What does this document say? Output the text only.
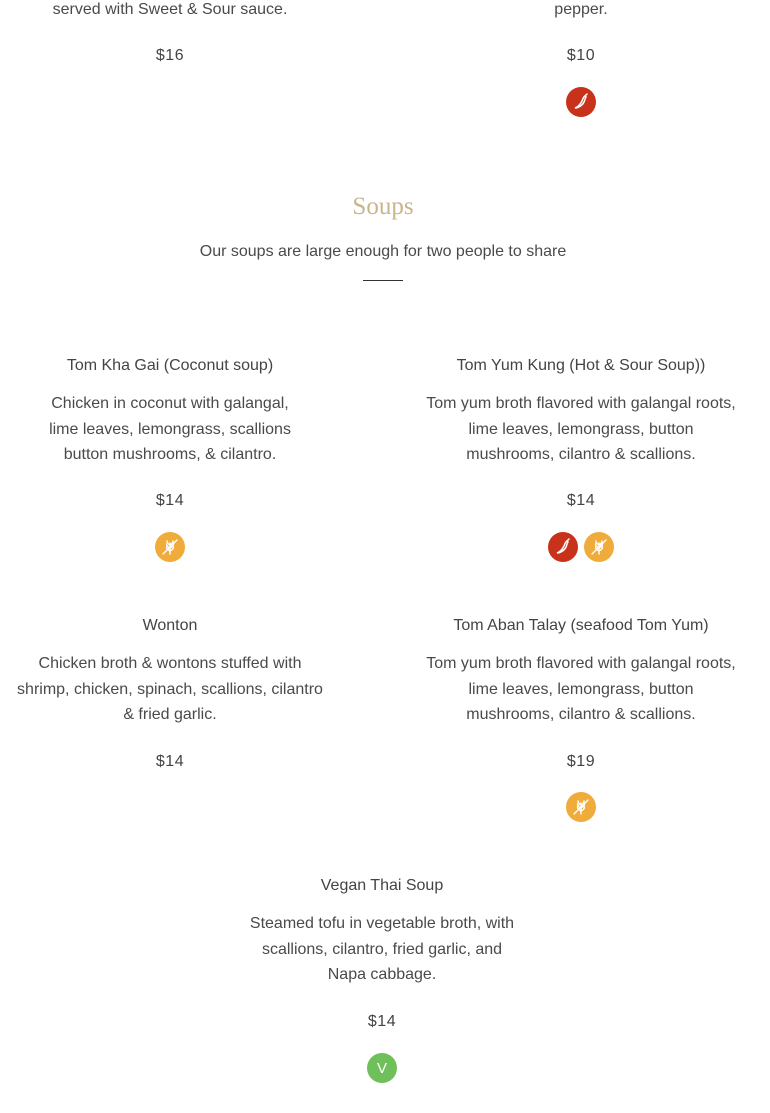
served with Sweet & Sour sauce.
$16
pepper.
$10
Soups
Our soups are large enough for two people to share
Tom Kha Gai (Coconut soup)
Chicken in coconut with galangal, lime leaves, lemongrass, scallions button mushrooms, & cilantro.
$14
Tom Yum Kung (Hot & Sour Soup))
Tom yum broth flavored with galangal roots, lime leaves, lemongrass, button mushrooms, cilantro & scallions.
$14
Wonton
Chicken broth & wontons stuffed with shrimp, chicken, spinach, scallions, cilantro & fried garlic.
$14
Tom Aban Talay (seafood Tom Yum)
Tom yum broth flavored with galangal roots, lime leaves, lemongrass, button mushrooms, cilantro & scallions.
$19
Vegan Thai Soup
Steamed tofu in vegetable broth, with scallions, cilantro, fried garlic, and Napa cabbage.
$14
V
